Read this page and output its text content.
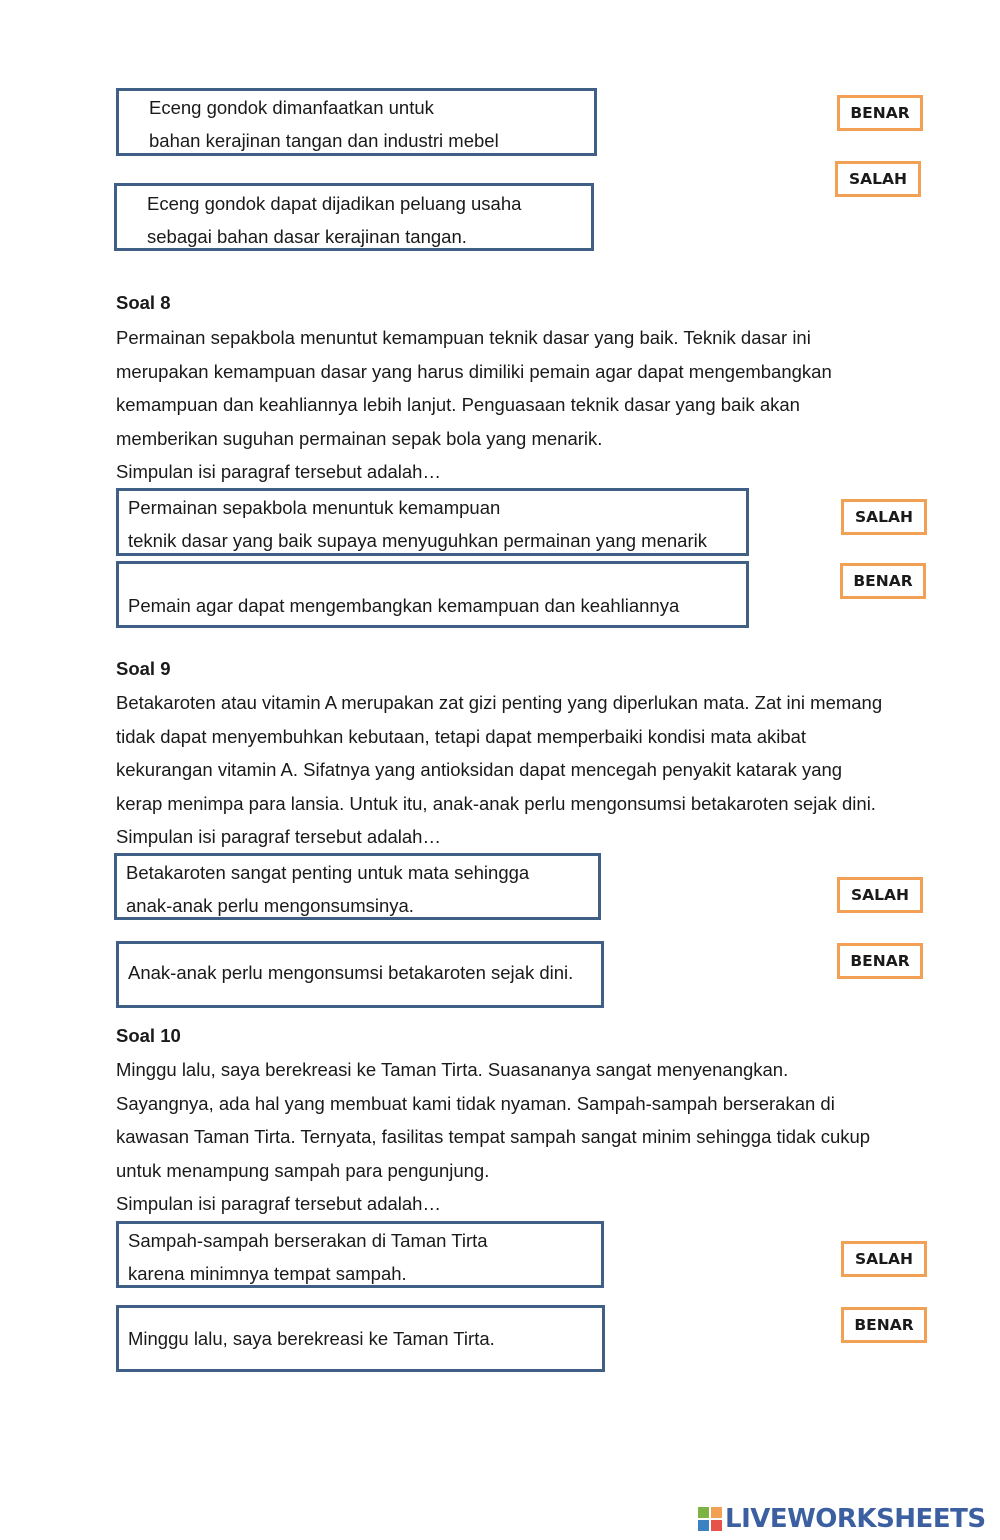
Eceng gondok dimanfaatkan untuk
bahan kerajinan tangan dan industri mebel
Eceng gondok dapat dijadikan peluang usaha
sebagai bahan dasar kerajinan tangan.
BENAR
SALAH
Soal 8
Permainan sepakbola menuntut kemampuan teknik dasar yang baik. Teknik dasar ini
merupakan kemampuan dasar yang harus dimiliki pemain agar dapat mengembangkan
kemampuan dan keahliannya lebih lanjut. Penguasaan teknik dasar yang baik akan
memberikan suguhan permainan sepak bola yang menarik.
Simpulan isi paragraf tersebut adalah…
Permainan sepakbola menuntuk kemampuan
teknik dasar yang baik supaya menyuguhkan permainan yang menarik
Pemain agar dapat mengembangkan kemampuan dan keahliannya
SALAH
BENAR
Soal 9
Betakaroten atau vitamin A merupakan zat gizi penting yang diperlukan mata. Zat ini memang
tidak dapat menyembuhkan kebutaan, tetapi dapat memperbaiki kondisi mata akibat
kekurangan vitamin A. Sifatnya yang antioksidan dapat mencegah penyakit katarak yang
kerap menimpa para lansia. Untuk itu, anak-anak perlu mengonsumsi betakaroten sejak dini.
Simpulan isi paragraf tersebut adalah…
Betakaroten sangat penting untuk mata sehingga
anak-anak perlu mengonsumsinya.
Anak-anak perlu mengonsumsi betakaroten sejak dini.
SALAH
BENAR
Soal 10
Minggu lalu, saya berekreasi ke Taman Tirta. Suasananya sangat menyenangkan.
Sayangnya, ada hal yang membuat kami tidak nyaman. Sampah-sampah berserakan di
kawasan Taman Tirta. Ternyata, fasilitas tempat sampah sangat minim sehingga tidak cukup
untuk menampung sampah para pengunjung.
Simpulan isi paragraf tersebut adalah…
Sampah-sampah berserakan di Taman Tirta
karena minimnya tempat sampah.
Minggu lalu, saya berekreasi ke Taman Tirta.
SALAH
BENAR
LIVEWORKSHEETS
